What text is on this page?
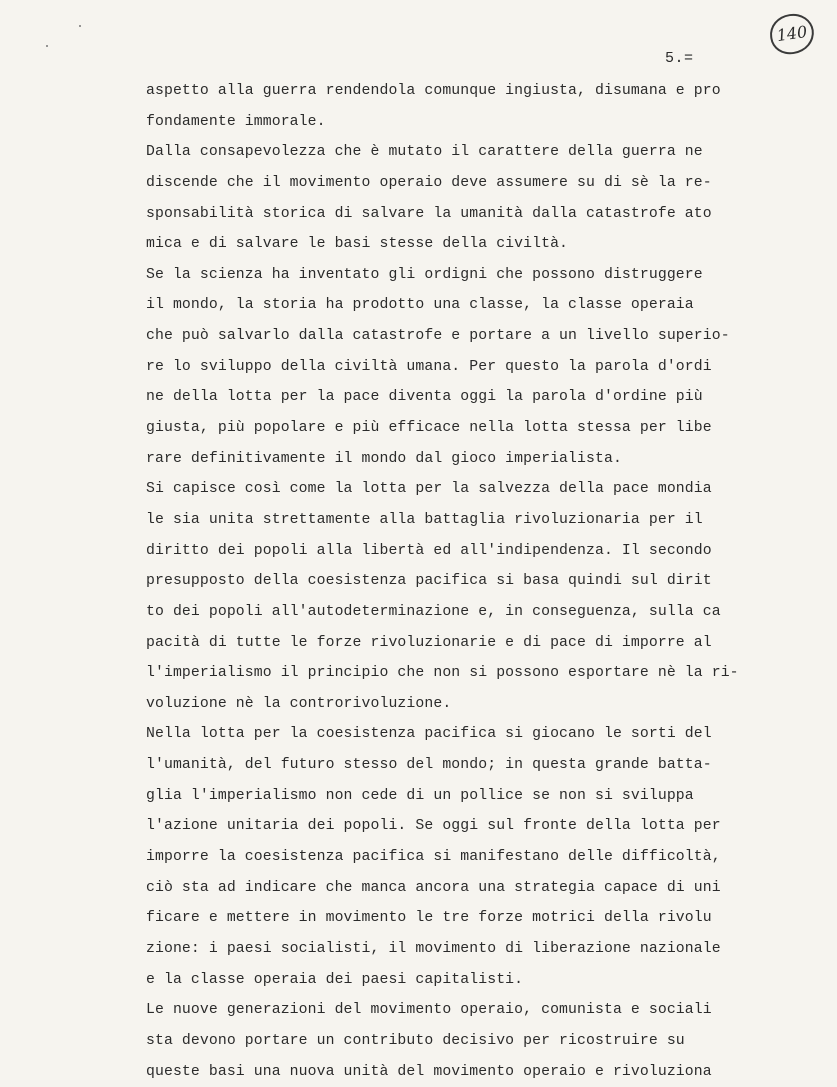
140
5.=
aspetto alla guerra rendendola comunque ingiusta, disumana e pro
fondamente immorale.
Dalla consapevolezza che è mutato il carattere della guerra ne
discende che il movimento operaio deve assumere su di sè la re-
sponsabilità storica di salvare la umanità dalla catastrofe ato
mica e di salvare le basi stesse della civiltà.
Se la scienza ha inventato gli ordigni che possono distruggere
il mondo, la storia ha prodotto una classe, la classe operaia
che può salvarlo dalla catastrofe e portare a un livello superio-
re lo sviluppo della civiltà umana. Per questo la parola d'ordi
ne della lotta per la pace diventa oggi la parola d'ordine più
giusta, più popolare e più efficace nella lotta stessa per libe
rare definitivamente il mondo dal gioco imperialista.
Si capisce così come la lotta per la salvezza della pace mondia
le sia unita strettamente alla battaglia rivoluzionaria per il
diritto dei popoli alla libertà ed all'indipendenza. Il secondo
presupposto della coesistenza pacifica si basa quindi sul dirit
to dei popoli all'autodeterminazione e, in conseguenza, sulla ca
pacità di tutte le forze rivoluzionarie e di pace di imporre al
l'imperialismo il principio che non si possono esportare nè la ri-
voluzione nè la controrivoluzione.
Nella lotta per la coesistenza pacifica si giocano le sorti del
l'umanità, del futuro stesso del mondo; in questa grande batta-
glia l'imperialismo non cede di un pollice se non si sviluppa
l'azione unitaria dei popoli. Se oggi sul fronte della lotta per
imporre la coesistenza pacifica si manifestano delle difficoltà,
ciò sta ad indicare che manca ancora una strategia capace di uni
ficare e mettere in movimento le tre forze motrici della rivolu
zione: i paesi socialisti, il movimento di liberazione nazionale
e la classe operaia dei paesi capitalisti.
Le nuove generazioni del movimento operaio, comunista e sociali
sta devono portare un contributo decisivo per ricostruire su
queste basi una nuova unità del movimento operaio e rivoluziona
